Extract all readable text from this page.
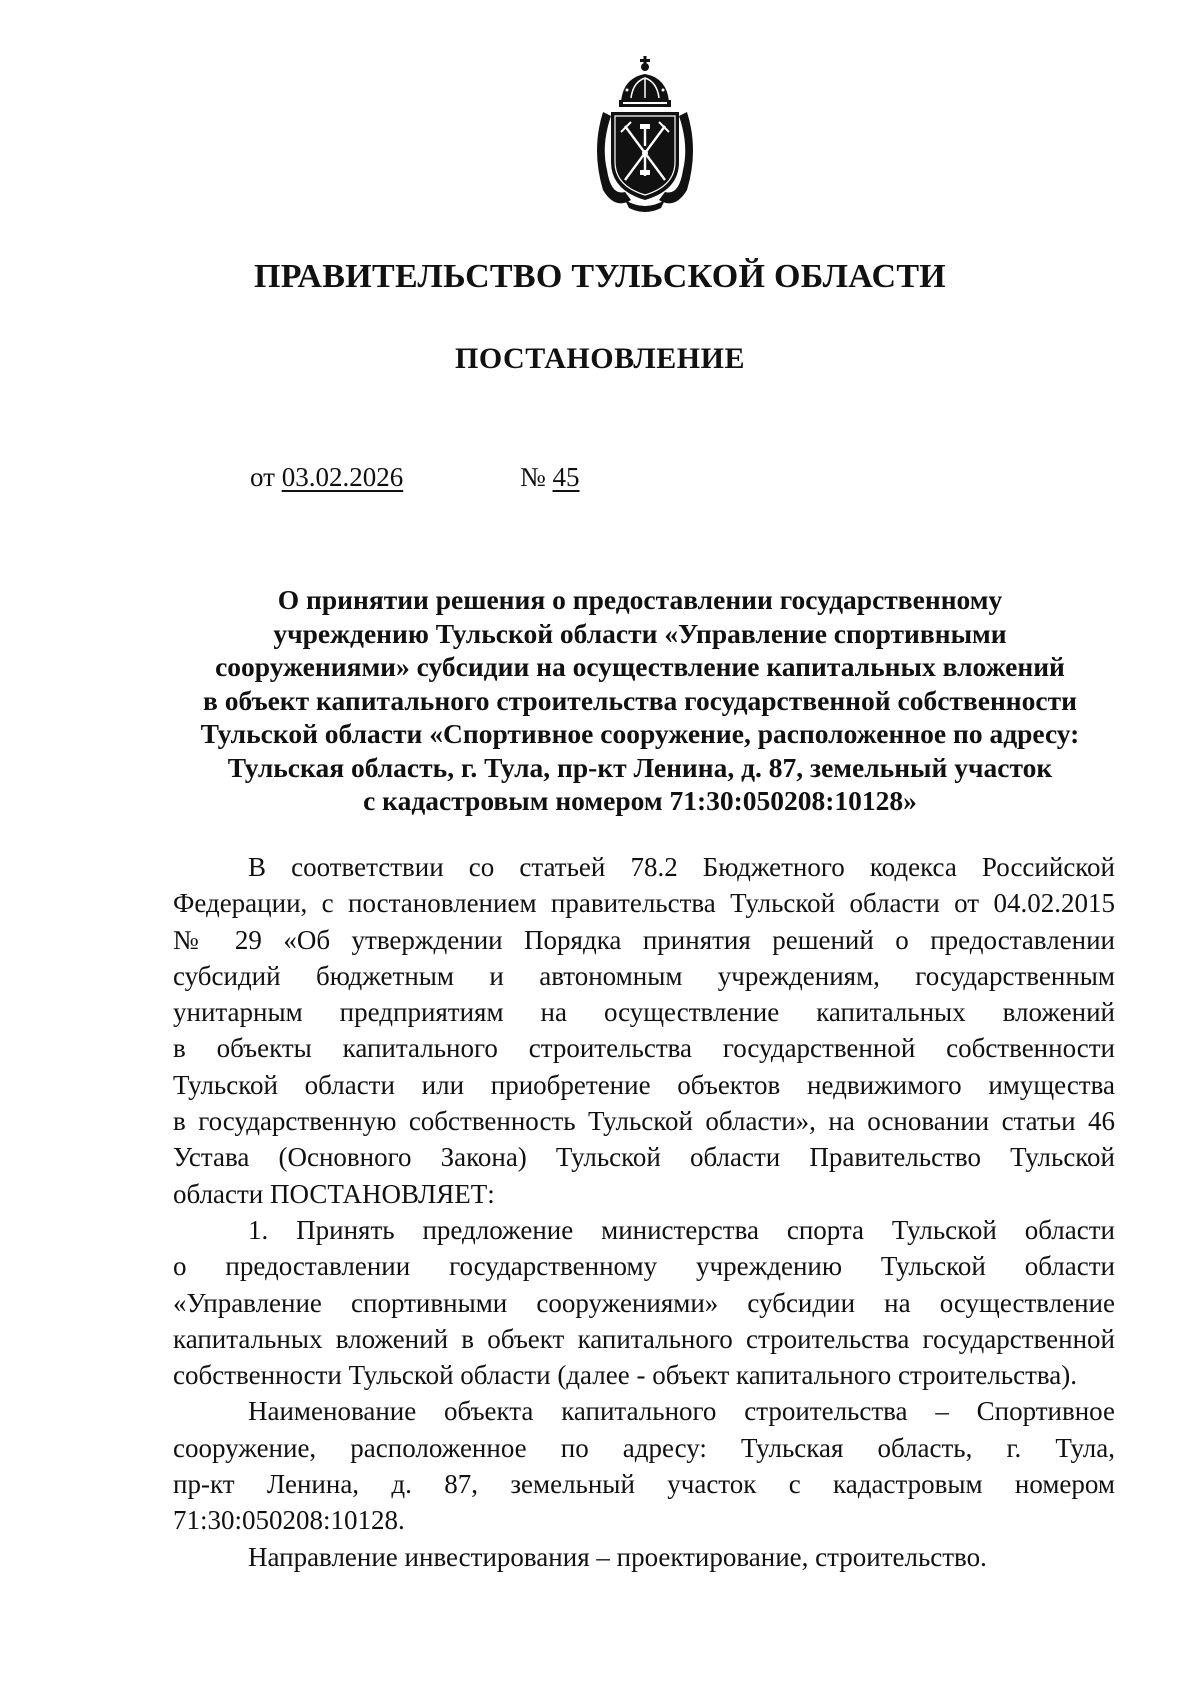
ПРАВИТЕЛЬСТВО ТУЛЬСКОЙ ОБЛАСТИ
ПОСТАНОВЛЕНИЕ
от 03.02.2026	№ 45
О принятии решения о предоставлении государственному
учреждению Тульской области «Управление спортивными
сооружениями» субсидии на осуществление капитальных вложений
в объект капитального строительства государственной собственности
Тульской области «Спортивное сооружение, расположенное по адресу:
Тульская область, г. Тула, пр-кт Ленина, д. 87, земельный участок
с кадастровым номером 71:30:050208:10128»
В соответствии со статьей 78.2 Бюджетного кодекса Российской
Федерации, с постановлением правительства Тульской области от 04.02.2015
№ 29 «Об утверждении Порядка принятия решений о предоставлении
субсидий бюджетным и автономным учреждениям, государственным
унитарным предприятиям на осуществление капитальных вложений
в объекты капитального строительства государственной собственности
Тульской области или приобретение объектов недвижимого имущества
в государственную собственность Тульской области», на основании статьи 46
Устава (Основного Закона) Тульской области Правительство Тульской
области ПОСТАНОВЛЯЕТ:
1. Принять предложение министерства спорта Тульской области
о предоставлении государственному учреждению Тульской области
«Управление спортивными сооружениями» субсидии на осуществление
капитальных вложений в объект капитального строительства государственной
собственности Тульской области (далее - объект капитального строительства).
Наименование объекта капитального строительства – Спортивное
сооружение, расположенное по адресу: Тульская область, г. Тула,
пр-кт Ленина, д. 87, земельный участок с кадастровым номером
71:30:050208:10128.
Направление инвестирования – проектирование, строительство.
